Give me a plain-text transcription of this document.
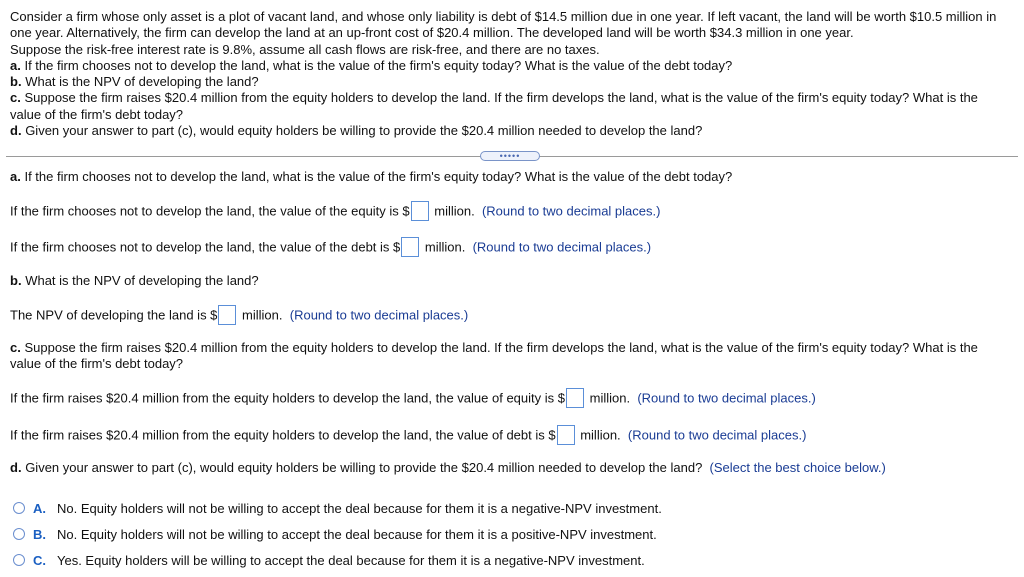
Consider a firm whose only asset is a plot of vacant land, and whose only liability is debt of $14.5 million due in one year. If left vacant, the land will be worth $10.5 million in one year. Alternatively, the firm can develop the land at an up-front cost of $20.4 million. The developed land will be worth $34.3 million in one year.
Suppose the risk-free interest rate is 9.8%, assume all cash flows are risk-free, and there are no taxes.
a. If the firm chooses not to develop the land, what is the value of the firm's equity today? What is the value of the debt today?
b. What is the NPV of developing the land?
c. Suppose the firm raises $20.4 million from the equity holders to develop the land. If the firm develops the land, what is the value of the firm's equity today? What is the value of the firm's debt today?
d. Given your answer to part (c), would equity holders be willing to provide the $20.4 million needed to develop the land?
•••••
a. If the firm chooses not to develop the land, what is the value of the firm's equity today? What is the value of the debt today?
If the firm chooses not to develop the land, the value of the equity is $ million. (Round to two decimal places.)
If the firm chooses not to develop the land, the value of the debt is $ million. (Round to two decimal places.)
b. What is the NPV of developing the land?
The NPV of developing the land is $ million. (Round to two decimal places.)
c. Suppose the firm raises $20.4 million from the equity holders to develop the land. If the firm develops the land, what is the value of the firm's equity today? What is the value of the firm's debt today?
If the firm raises $20.4 million from the equity holders to develop the land, the value of equity is $ million. (Round to two decimal places.)
If the firm raises $20.4 million from the equity holders to develop the land, the value of debt is $ million. (Round to two decimal places.)
d. Given your answer to part (c), would equity holders be willing to provide the $20.4 million needed to develop the land? (Select the best choice below.)
A. No. Equity holders will not be willing to accept the deal because for them it is a negative-NPV investment.
B. No. Equity holders will not be willing to accept the deal because for them it is a positive-NPV investment.
C. Yes. Equity holders will be willing to accept the deal because for them it is a negative-NPV investment.
